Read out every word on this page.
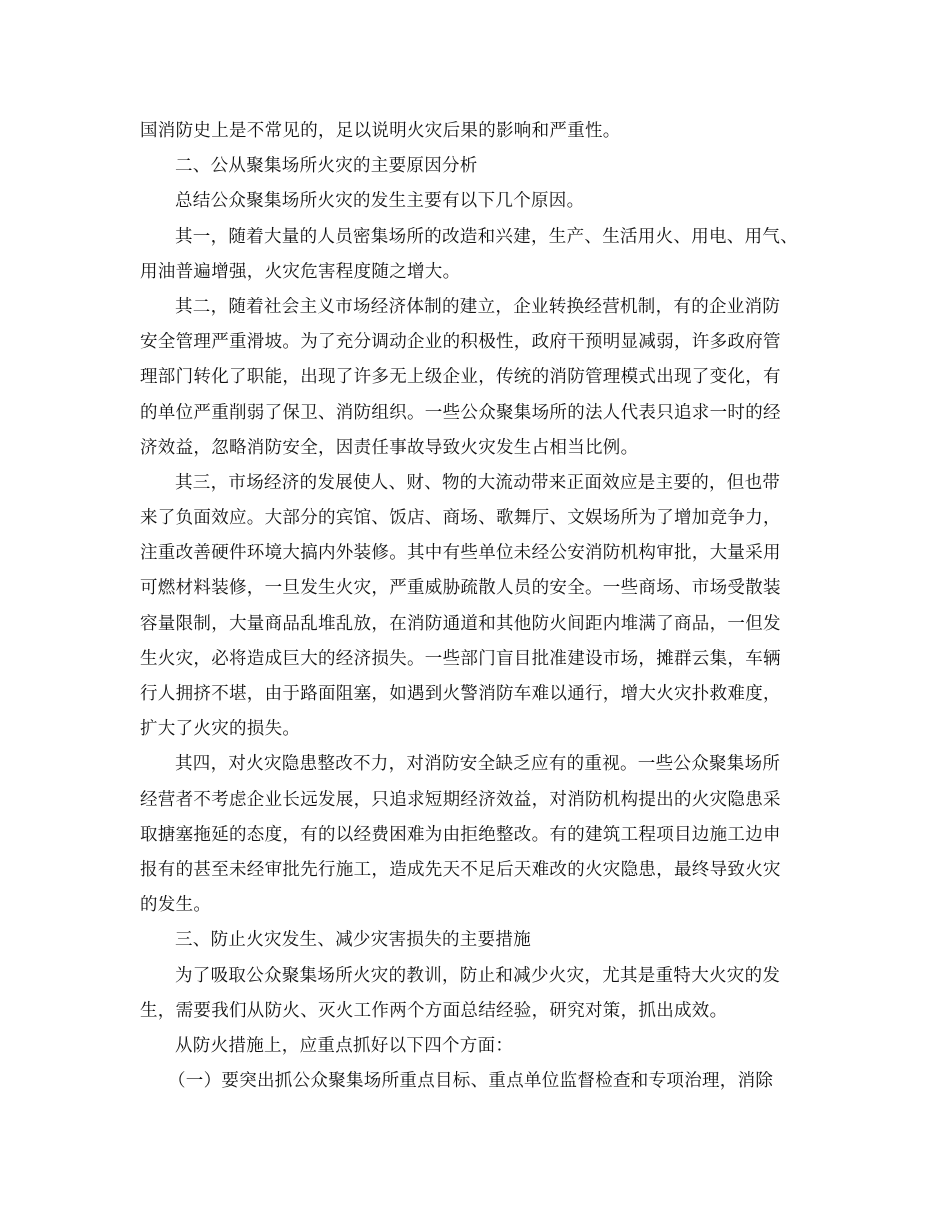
国消防史上是不常见的，足以说明火灾后果的影响和严重性。
二、公从聚集场所火灾的主要原因分析
总结公众聚集场所火灾的发生主要有以下几个原因。
其一，随着大量的人员密集场所的改造和兴建，生产、生活用火、用电、用气、
用油普遍增强，火灾危害程度随之增大。
其二，随着社会主义市场经济体制的建立，企业转换经营机制，有的企业消防
安全管理严重滑坡。为了充分调动企业的积极性，政府干预明显减弱，许多政府管
理部门转化了职能，出现了许多无上级企业，传统的消防管理模式出现了变化，有
的单位严重削弱了保卫、消防组织。一些公众聚集场所的法人代表只追求一时的经
济效益，忽略消防安全，因责任事故导致火灾发生占相当比例。
其三，市场经济的发展使人、财、物的大流动带来正面效应是主要的，但也带
来了负面效应。大部分的宾馆、饭店、商场、歌舞厅、文娱场所为了增加竞争力，
注重改善硬件环境大搞内外装修。其中有些单位未经公安消防机构审批，大量采用
可燃材料装修，一旦发生火灾，严重威胁疏散人员的安全。一些商场、市场受散装
容量限制，大量商品乱堆乱放，在消防通道和其他防火间距内堆满了商品，一但发
生火灾，必将造成巨大的经济损失。一些部门盲目批准建设市场，摊群云集，车辆
行人拥挤不堪，由于路面阻塞，如遇到火警消防车难以通行，增大火灾扑救难度，
扩大了火灾的损失。
其四，对火灾隐患整改不力，对消防安全缺乏应有的重视。一些公众聚集场所
经营者不考虑企业长远发展，只追求短期经济效益，对消防机构提出的火灾隐患采
取搪塞拖延的态度，有的以经费困难为由拒绝整改。有的建筑工程项目边施工边申
报有的甚至未经审批先行施工，造成先天不足后天难改的火灾隐患，最终导致火灾
的发生。
三、防止火灾发生、减少灾害损失的主要措施
为了吸取公众聚集场所火灾的教训，防止和减少火灾，尤其是重特大火灾的发
生，需要我们从防火、灭火工作两个方面总结经验，研究对策，抓出成效。
从防火措施上，应重点抓好以下四个方面：
（一）要突出抓公众聚集场所重点目标、重点单位监督检查和专项治理，消除
